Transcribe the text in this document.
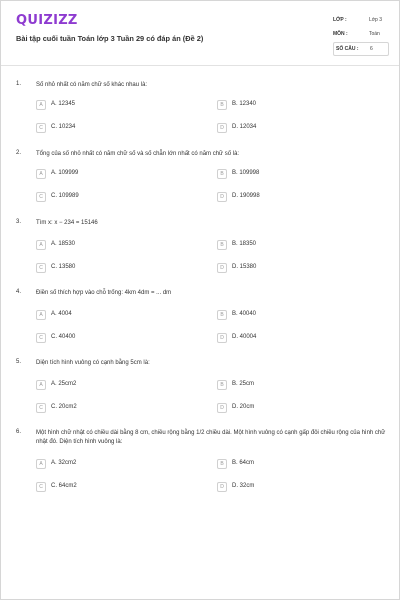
QUIZIZZ
Bài tập cuối tuần Toán lớp 3 Tuần 29 có đáp án (Đề 2)
LỚP :	Lớp 3
MÔN :	Toán
SỐ CÂU : 6
1. Số nhỏ nhất có năm chữ số khác nhau là:
A	A. 12345	B	B. 12340
C	C. 10234	D	D. 12034
2. Tổng của số nhỏ nhất có năm chữ số và số chẵn lớn nhất có năm chữ số là:
A	A. 109999	B	B. 109998
C	C. 109989	D	D. 190998
3. Tìm x: x − 234 = 15146
A	A. 18530	B	B. 18350
C	C. 13580	D	D. 15380
4. Điền số thích hợp vào chỗ trống: 4km 4dm = ... dm
A	A. 4004	B	B. 40040
C	C. 40400	D	D. 40004
5. Diện tích hình vuông có cạnh bằng 5cm là:
A	A. 25cm2	B	B. 25cm
C	C. 20cm2	D	D. 20cm
6. Một hình chữ nhật có chiều dài bằng 8 cm, chiều rộng bằng 1/2 chiều dài. Một hình vuông có cạnh gấp đôi chiều rộng của hình chữ nhật đó. Diện tích hình vuông là:
A	A. 32cm2	B	B. 64cm
C	C. 64cm2	D	D. 32cm
